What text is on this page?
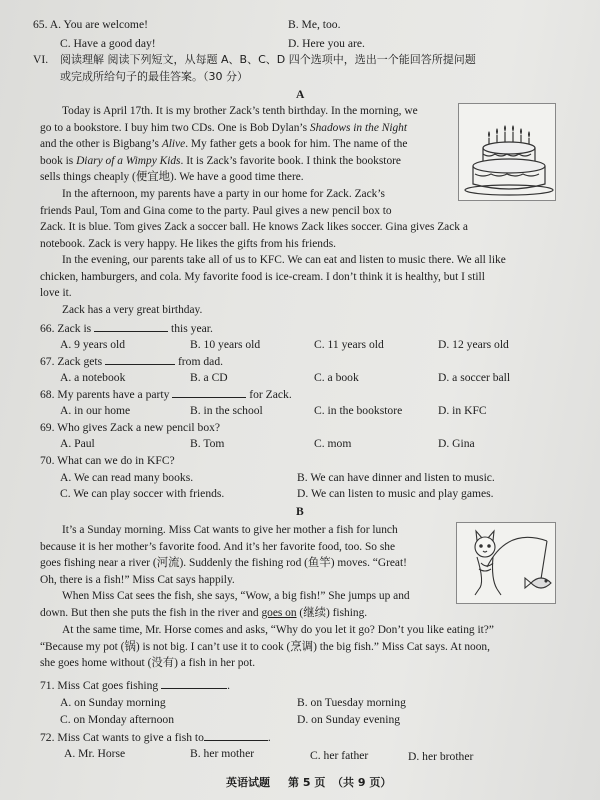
65. A. You are welcome!	B. Me, too.
C. Have a good day!	D. Here you are.
VI. 阅读理解 阅读下列短文，从每题 A、B、C、D 四个选项中，选出一个能回答所提问题
或完成所给句子的最佳答案。（30 分）
A

Today is April 17th. It is my brother Zack’s tenth birthday. In the morning, we

go to a bookstore. I buy him two CDs. One is Bob Dylan’s Shadows in the Night

and the other is Bigbang’s Alive. My father gets a book for him. The name of the

book is Diary of a Wimpy Kids. It is Zack’s favorite book. I think the bookstore

sells things cheaply (便宜地). We have a good time there.

In the afternoon, my parents have a party in our home for Zack. Zack’s

friends Paul, Tom and Gina come to the party. Paul gives a new pencil box to

Zack. It is blue. Tom gives Zack a soccer ball. He knows Zack likes soccer. Gina gives Zack a

notebook. Zack is very happy. He likes the gifts from his friends.

In the evening, our parents take all of us to KFC. We can eat and listen to music there. We all like

chicken, hamburgers, and cola. My favorite food is ice-cream. I don’t think it is healthy, but I still

love it.

Zack has a very great birthday.

66. Zack is	this year.
A. 9 years old	B. 10 years old	C. 11 years old	D. 12 years old
67. Zack gets	from dad.
A. a notebook	B. a CD	C. a book	D. a soccer ball
68. My parents have a party	for Zack.
A. in our home	B. in the school	C. in the bookstore	D. in KFC
69. Who gives Zack a new pencil box?
A. Paul	B. Tom	C. mom	D. Gina
70. What can we do in KFC?
A. We can read many books.	B. We can have dinner and listen to music.
C. We can play soccer with friends.	D. We can listen to music and play games.
B

It’s a Sunday morning. Miss Cat wants to give her mother a fish for lunch

because it is her mother’s favorite food. And it’s her favorite food, too. So she

goes fishing near a river (河流). Suddenly the fishing rod (鱼竿) moves. “Great!

Oh, there is a fish!” Miss Cat says happily.

When Miss Cat sees the fish, she says, “Wow, a big fish!” She jumps up and

down. But then she puts the fish in the river and goes on (继续) fishing.

At the same time, Mr. Horse comes and asks, “Why do you let it go? Don’t you like eating it?”

“Because my pot (锅) is not big. I can’t use it to cook (烹调) the big fish.” Miss Cat says. At noon,

she goes home without (没有) a fish in her pot.

71. Miss Cat goes fishing	.
A. on Sunday morning	B. on Tuesday morning
C. on Monday afternoon	D. on Sunday evening
72. Miss Cat wants to give a fish to	.
A. Mr. Horse	B. her mother	C. her father	D. her brother
英语试题 第 5 页 （共 9 页）
